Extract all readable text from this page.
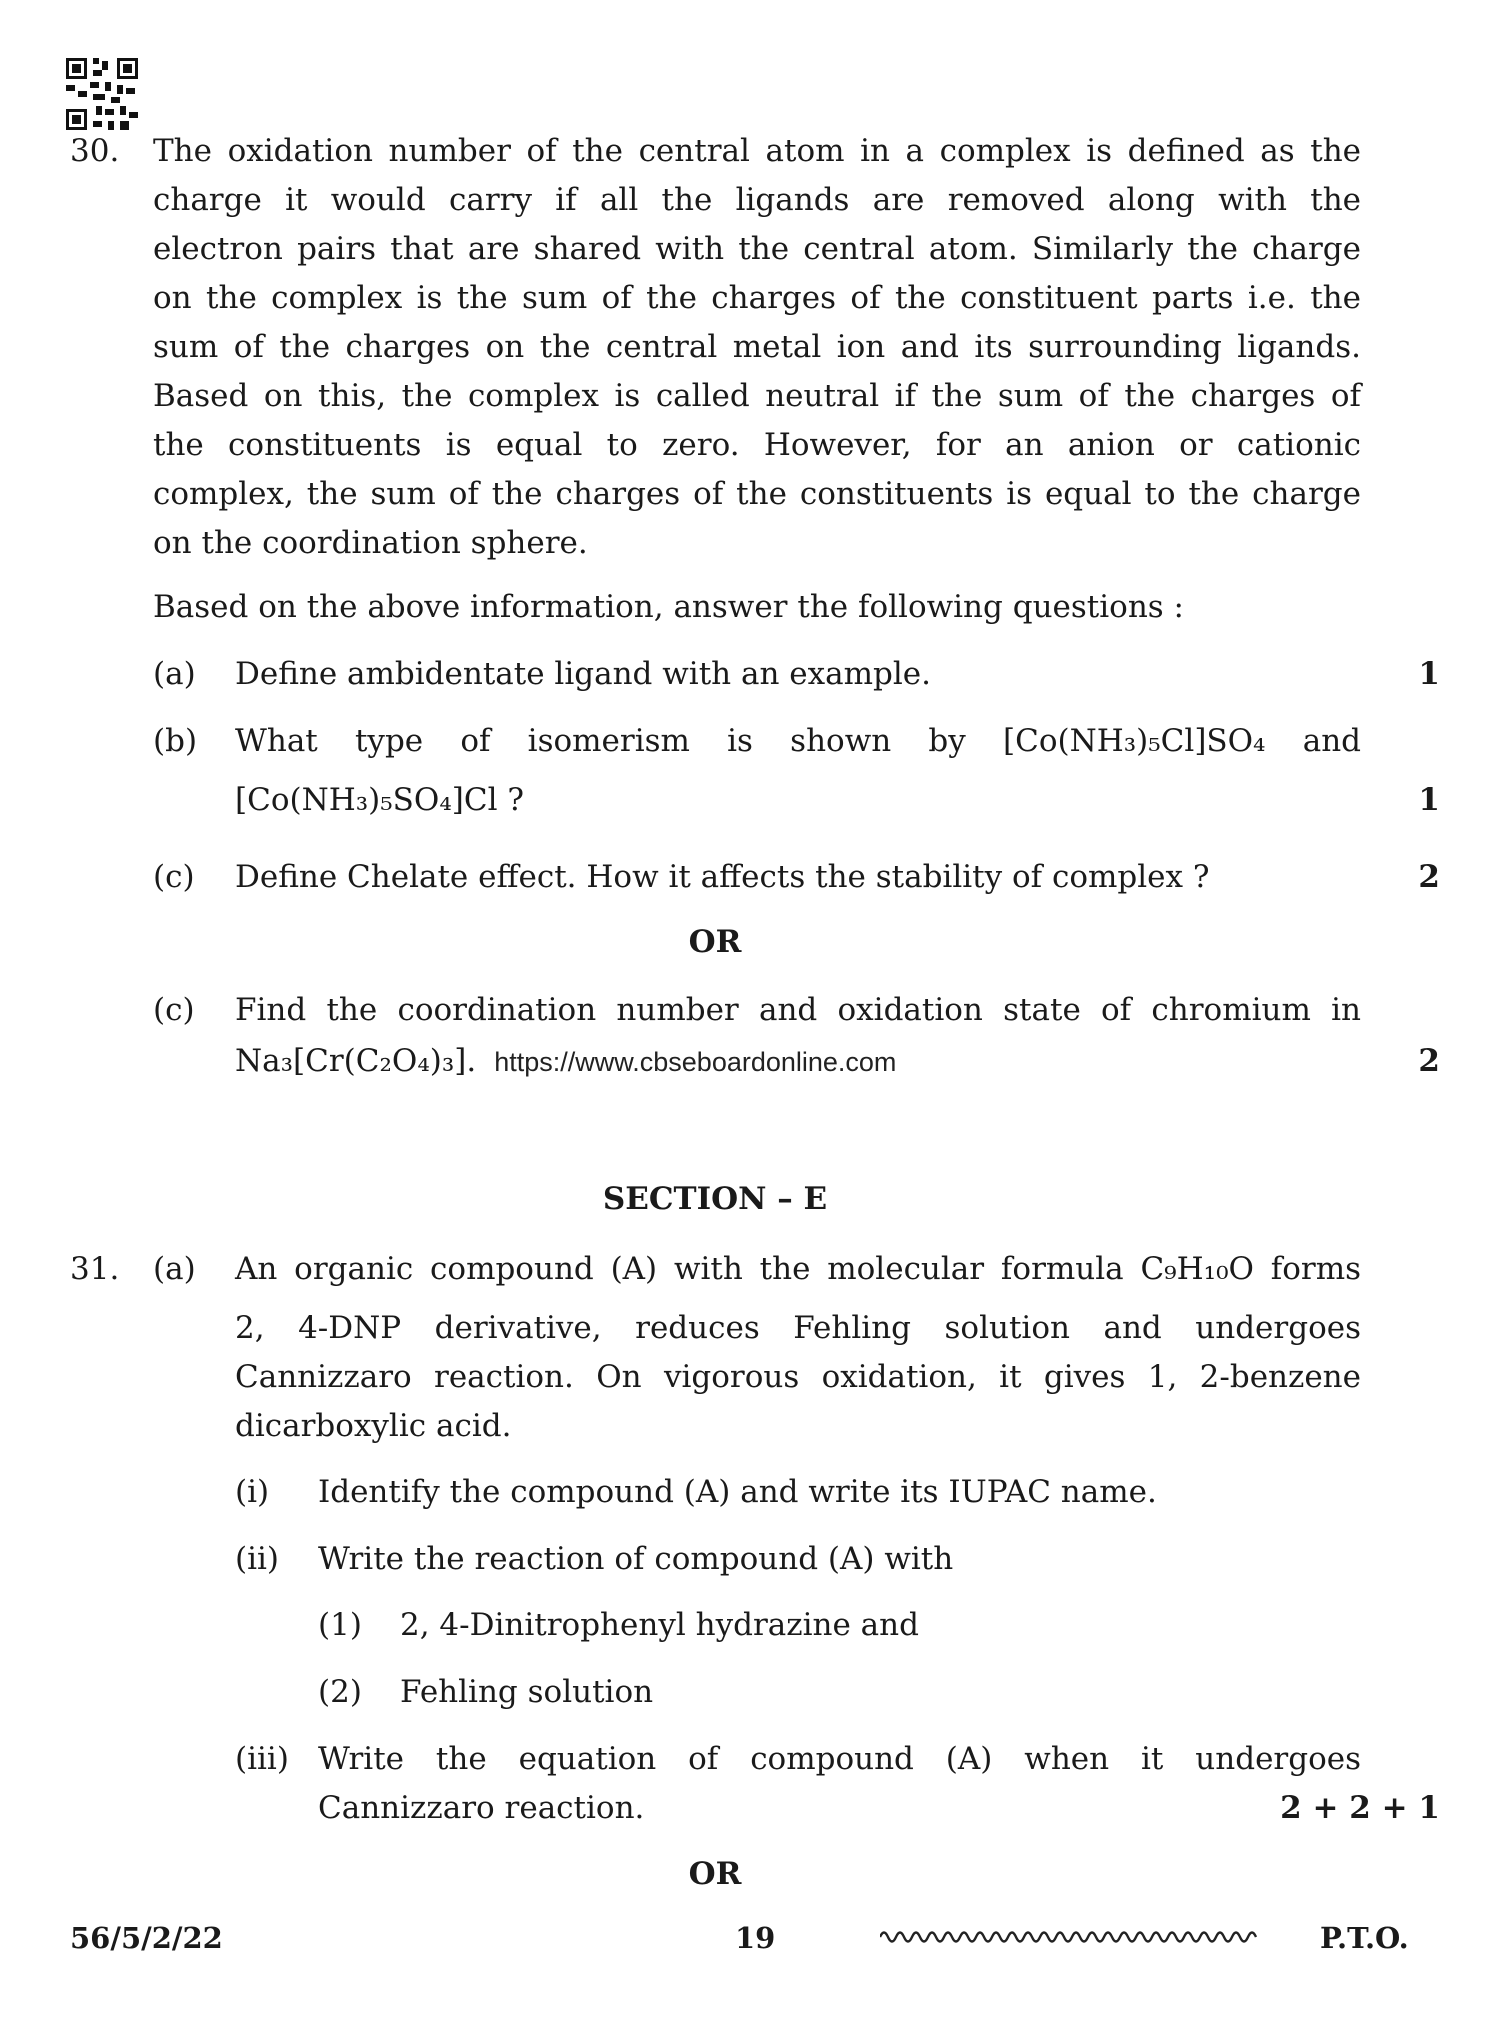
30. The oxidation number of the central atom in a complex is defined as the
charge it would carry if all the ligands are removed along with the
electron pairs that are shared with the central atom. Similarly the charge
on the complex is the sum of the charges of the constituent parts i.e. the
sum of the charges on the central metal ion and its surrounding ligands.
Based on this, the complex is called neutral if the sum of the charges of
the constituents is equal to zero. However, for an anion or cationic
complex, the sum of the charges of the constituents is equal to the charge
on the coordination sphere.
Based on the above information, answer the following questions :
(a) Define ambidentate ligand with an example.	1
(b) What type of isomerism is shown by [Co(NH₃)₅Cl]SO₄ and
[Co(NH₃)₅SO₄]Cl ?	1
(c) Define Chelate effect. How it affects the stability of complex ?	2
OR
(c) Find the coordination number and oxidation state of chromium in
Na₃[Cr(C₂O₄)₃]. https://www.cbseboardonline.com	2
SECTION – E
31. (a) An organic compound (A) with the molecular formula C₉H₁₀O forms
2, 4-DNP derivative, reduces Fehling solution and undergoes
Cannizzaro reaction. On vigorous oxidation, it gives 1, 2-benzene
dicarboxylic acid.
(i) Identify the compound (A) and write its IUPAC name.
(ii) Write the reaction of compound (A) with
(1) 2, 4-Dinitrophenyl hydrazine and
(2) Fehling solution
(iii) Write the equation of compound (A) when it undergoes
Cannizzaro reaction.	2 + 2 + 1
OR
56/5/2/22	19	P.T.O.
